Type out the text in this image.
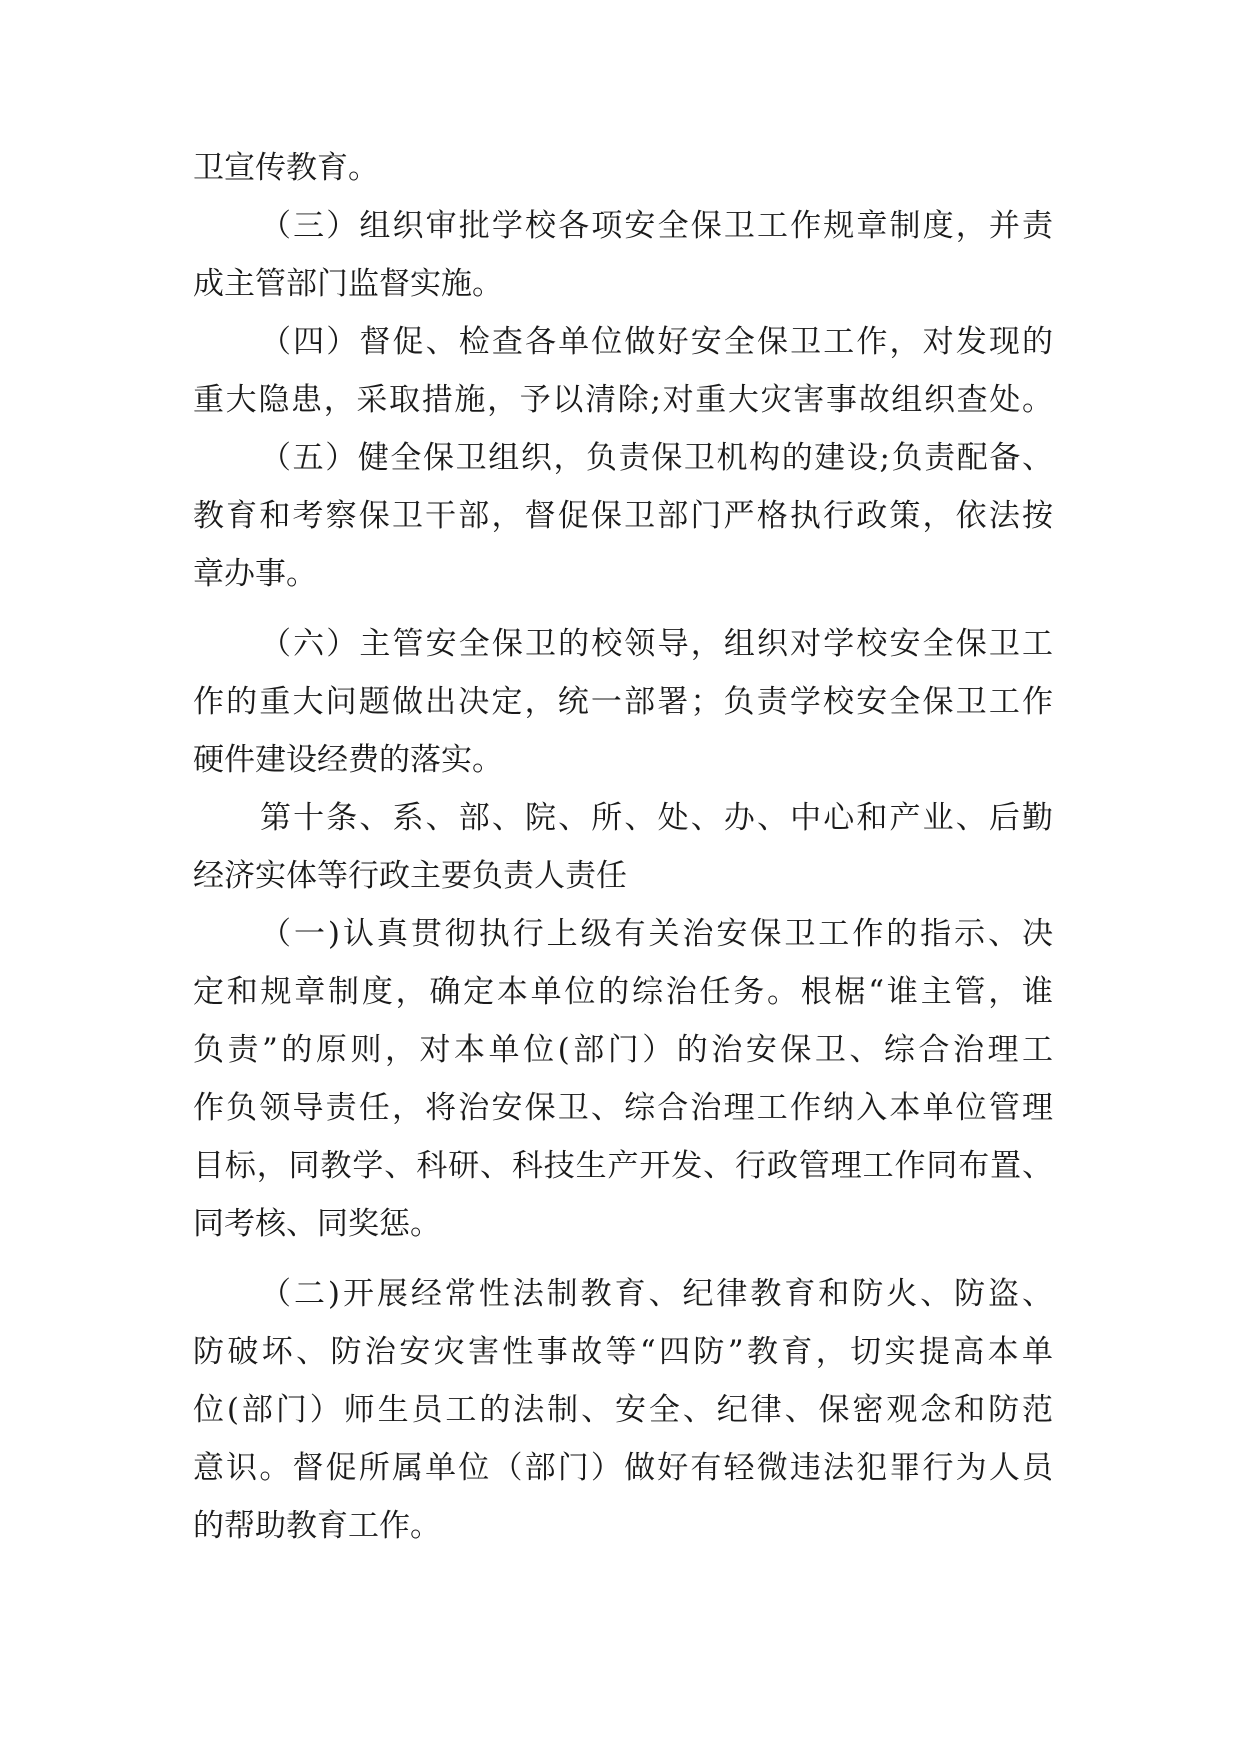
卫宣传教育。
（三）组织审批学校各项安全保卫工作规章制度，并责
成主管部门监督实施。
（四）督促、检查各单位做好安全保卫工作，对发现的
重大隐患，采取措施，予以清除;对重大灾害事故组织查处。
（五）健全保卫组织，负责保卫机构的建设;负责配备、
教育和考察保卫干部，督促保卫部门严格执行政策，依法按
章办事。
（六）主管安全保卫的校领导，组织对学校安全保卫工
作的重大问题做出决定，统一部署；负责学校安全保卫工作
硬件建设经费的落实。
第十条、系、部、院、所、处、办、中心和产业、后勤
经济实体等行政主要负责人责任
（一)认真贯彻执行上级有关治安保卫工作的指示、决
定和规章制度，确定本单位的综治任务。根椐“谁主管，谁
负责”的原则，对本单位(部门）的治安保卫、综合治理工
作负领导责任，将治安保卫、综合治理工作纳入本单位管理
目标，同教学、科研、科技生产开发、行政管理工作同布置、
同考核、同奖惩。
（二)开展经常性法制教育、纪律教育和防火、防盗、
防破坏、防治安灾害性事故等“四防”教育，切实提高本单
位(部门）师生员工的法制、安全、纪律、保密观念和防范
意识。督促所属单位（部门）做好有轻微违法犯罪行为人员
的帮助教育工作。
